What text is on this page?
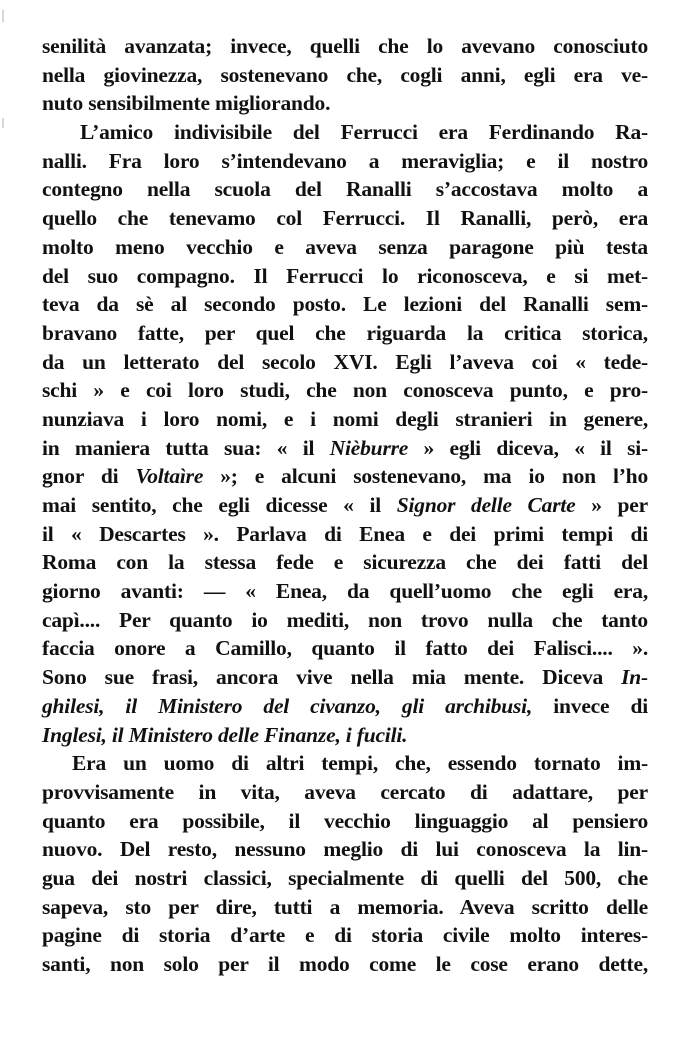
senilità avanzata; invece, quelli che lo avevano conosciuto
nella giovinezza, sostenevano che, cogli anni, egli era ve-
nuto sensibilmente migliorando.
L’amico indivisibile del Ferrucci era Ferdinando Ra-
nalli. Fra loro s’intendevano a meraviglia; e il nostro
contegno nella scuola del Ranalli s’accostava molto a
quello che tenevamo col Ferrucci. Il Ranalli, però, era
molto meno vecchio e aveva senza paragone più testa
del suo compagno. Il Ferrucci lo riconosceva, e si met-
teva da sè al secondo posto. Le lezioni del Ranalli sem-
bravano fatte, per quel che riguarda la critica storica,
da un letterato del secolo XVI. Egli l’aveva coi « tede-
schi » e coi loro studi, che non conosceva punto, e pro-
nunziava i loro nomi, e i nomi degli stranieri in genere,
in maniera tutta sua: « il Nièburre » egli diceva, « il si-
gnor di Voltaìre »; e alcuni sostenevano, ma io non l’ho
mai sentito, che egli dicesse « il Signor delle Carte » per
il « Descartes ». Parlava di Enea e dei primi tempi di
Roma con la stessa fede e sicurezza che dei fatti del
giorno avanti: — « Enea, da quell’uomo che egli era,
capì.... Per quanto io mediti, non trovo nulla che tanto
faccia onore a Camillo, quanto il fatto dei Falisci.... ».
Sono sue frasi, ancora vive nella mia mente. Diceva In-
ghilesi, il Ministero del civanzo, gli archibusi, invece di
Inglesi, il Ministero delle Finanze, i fucili.
Era un uomo di altri tempi, che, essendo tornato im-
provvisamente in vita, aveva cercato di adattare, per
quanto era possibile, il vecchio linguaggio al pensiero
nuovo. Del resto, nessuno meglio di lui conosceva la lin-
gua dei nostri classici, specialmente di quelli del 500, che
sapeva, sto per dire, tutti a memoria. Aveva scritto delle
pagine di storia d’arte e di storia civile molto interes-
santi, non solo per il modo come le cose erano dette,
